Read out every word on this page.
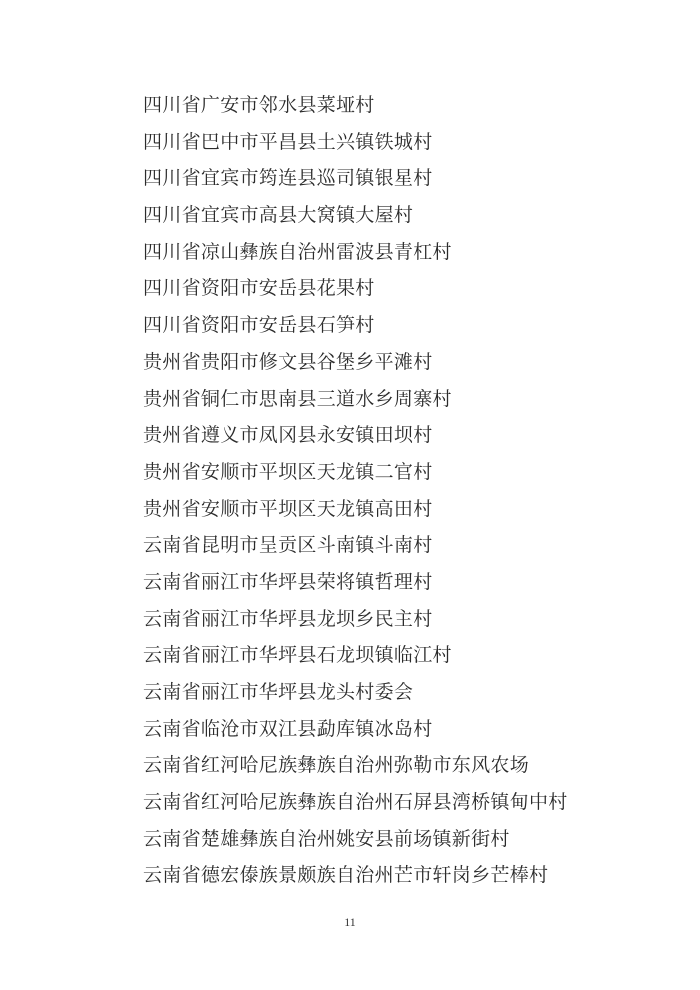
四川省广安市邻水县菜垭村
四川省巴中市平昌县土兴镇铁城村
四川省宜宾市筠连县巡司镇银星村
四川省宜宾市高县大窝镇大屋村
四川省凉山彝族自治州雷波县青杠村
四川省资阳市安岳县花果村
四川省资阳市安岳县石笋村
贵州省贵阳市修文县谷堡乡平滩村
贵州省铜仁市思南县三道水乡周寨村
贵州省遵义市凤冈县永安镇田坝村
贵州省安顺市平坝区天龙镇二官村
贵州省安顺市平坝区天龙镇高田村
云南省昆明市呈贡区斗南镇斗南村
云南省丽江市华坪县荣将镇哲理村
云南省丽江市华坪县龙坝乡民主村
云南省丽江市华坪县石龙坝镇临江村
云南省丽江市华坪县龙头村委会
云南省临沧市双江县勐库镇冰岛村
云南省红河哈尼族彝族自治州弥勒市东风农场
云南省红河哈尼族彝族自治州石屏县湾桥镇甸中村
云南省楚雄彝族自治州姚安县前场镇新街村
云南省德宏傣族景颇族自治州芒市轩岗乡芒棒村
11
